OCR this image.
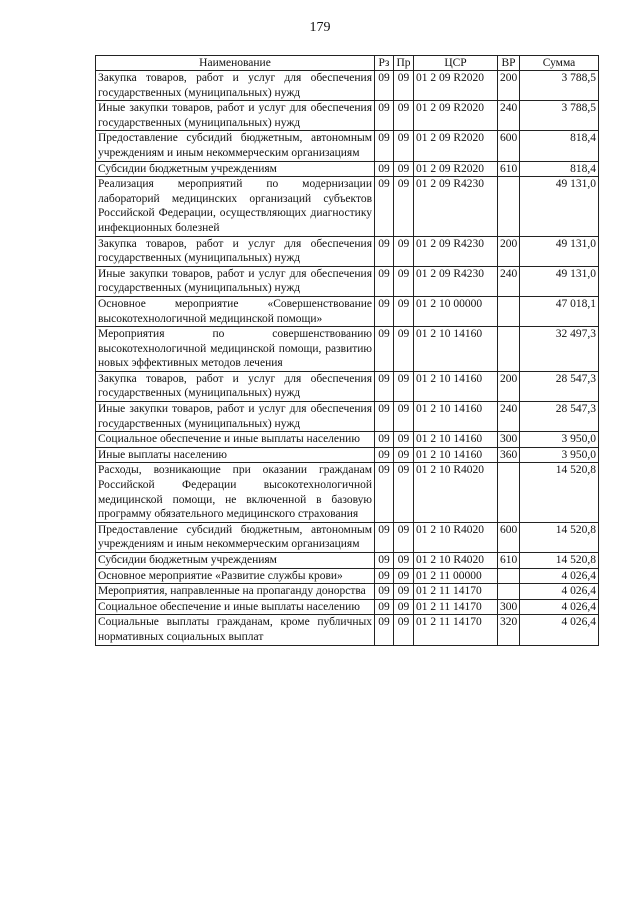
179
Наименование	Рз	Пр	ЦСР	ВР	Сумма
Закупка товаров, работ и услуг для обеспечения государственных (муниципальных) нужд	09	09	01 2 09 R2020	200	3 788,5
Иные закупки товаров, работ и услуг для обеспечения государственных (муниципальных) нужд	09	09	01 2 09 R2020	240	3 788,5
Предоставление субсидий бюджетным, автономным учреждениям и иным некоммерческим организациям	09	09	01 2 09 R2020	600	818,4
Субсидии бюджетным учреждениям	09	09	01 2 09 R2020	610	818,4
Реализация мероприятий по модернизации лабораторий медицинских организаций субъектов Российской Федерации, осуществляющих диагностику инфекционных болезней	09	09	01 2 09 R4230		49 131,0
Закупка товаров, работ и услуг для обеспечения государственных (муниципальных) нужд	09	09	01 2 09 R4230	200	49 131,0
Иные закупки товаров, работ и услуг для обеспечения государственных (муниципальных) нужд	09	09	01 2 09 R4230	240	49 131,0
Основное мероприятие «Совершенствование высокотехнологичной медицинской помощи»	09	09	01 2 10 00000		47 018,1
Мероприятия по совершенствованию высокотехнологичной медицинской помощи, развитию новых эффективных методов лечения	09	09	01 2 10 14160		32 497,3
Закупка товаров, работ и услуг для обеспечения государственных (муниципальных) нужд	09	09	01 2 10 14160	200	28 547,3
Иные закупки товаров, работ и услуг для обеспечения государственных (муниципальных) нужд	09	09	01 2 10 14160	240	28 547,3
Социальное обеспечение и иные выплаты населению	09	09	01 2 10 14160	300	3 950,0
Иные выплаты населению	09	09	01 2 10 14160	360	3 950,0
Расходы, возникающие при оказании гражданам Российской Федерации высокотехнологичной медицинской помощи, не включенной в базовую программу обязательного медицинского страхования	09	09	01 2 10 R4020		14 520,8
Предоставление субсидий бюджетным, автономным учреждениям и иным некоммерческим организациям	09	09	01 2 10 R4020	600	14 520,8
Субсидии бюджетным учреждениям	09	09	01 2 10 R4020	610	14 520,8
Основное мероприятие «Развитие службы крови»	09	09	01 2 11 00000		4 026,4
Мероприятия, направленные на пропаганду донорства	09	09	01 2 11 14170		4 026,4
Социальное обеспечение и иные выплаты населению	09	09	01 2 11 14170	300	4 026,4
Социальные выплаты гражданам, кроме публичных нормативных социальных выплат	09	09	01 2 11 14170	320	4 026,4
